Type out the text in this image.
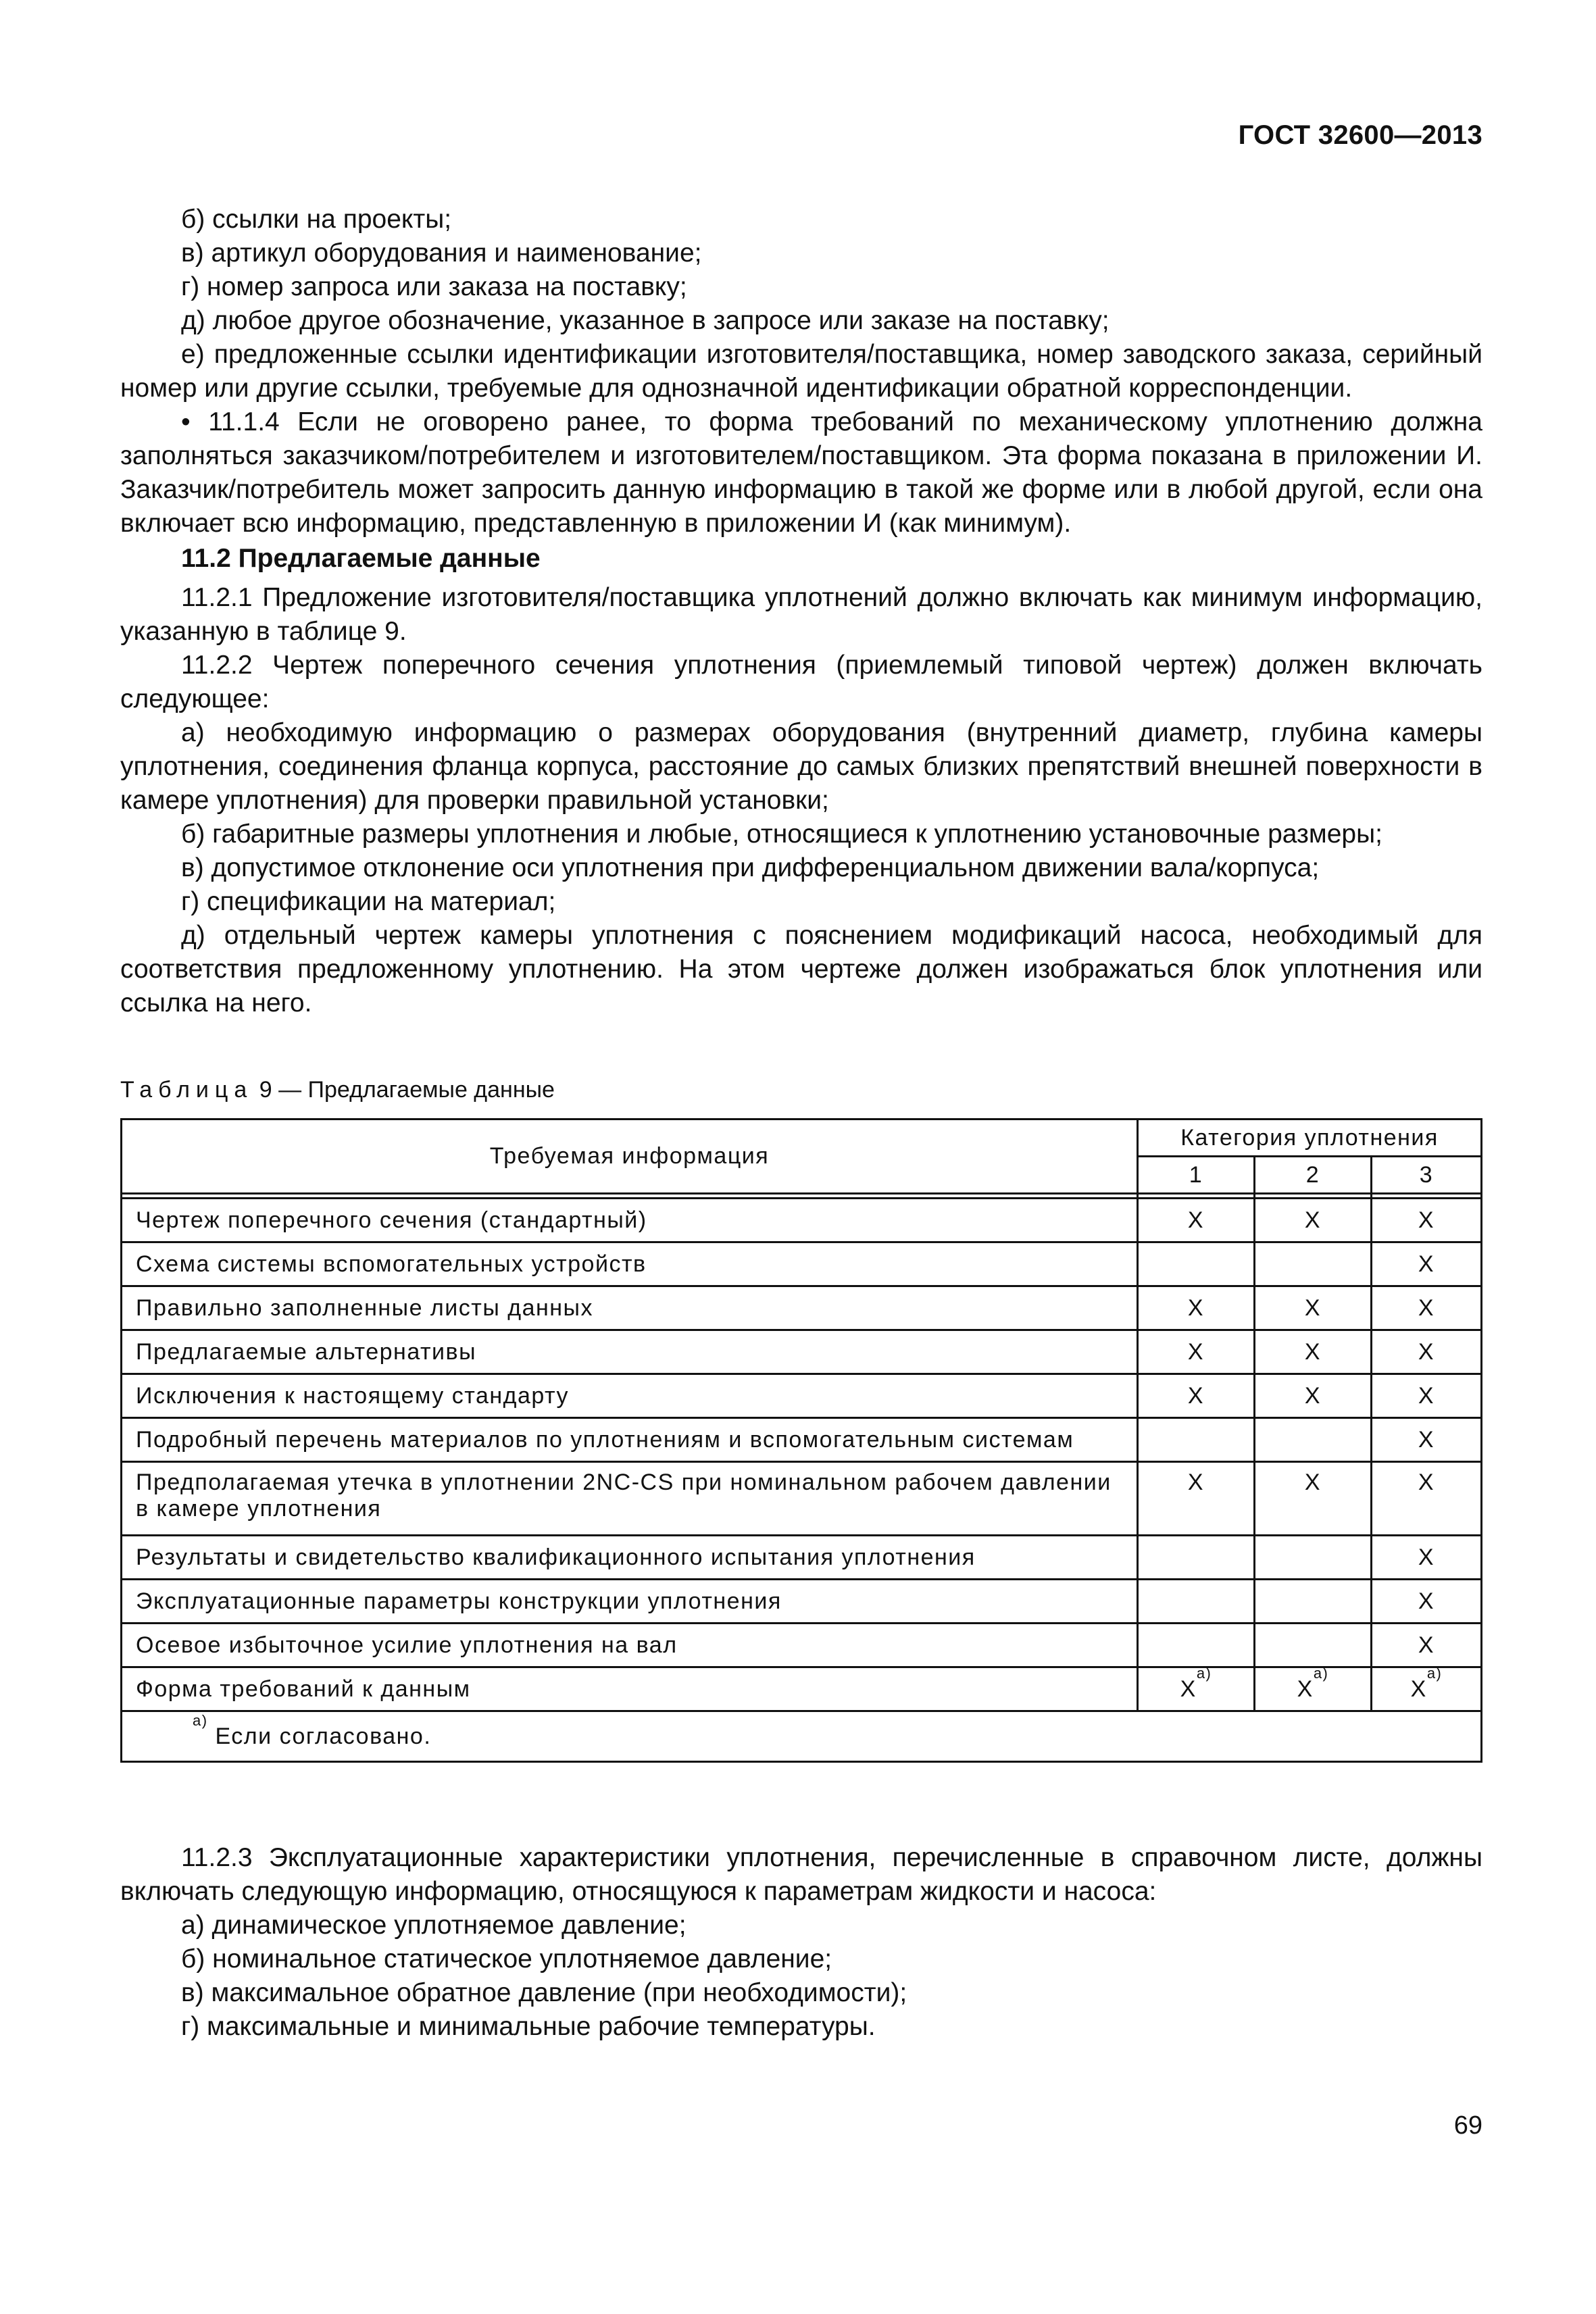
ГОСТ 32600—2013

б) ссылки на проекты;

в) артикул оборудования и наименование;

г) номер запроса или заказа на поставку;

д) любое другое обозначение, указанное в запросе или заказе на поставку;

е) предложенные ссылки идентификации изготовителя/поставщика, номер заводского заказа, серийный номер или другие ссылки, требуемые для однозначной идентификации обратной корреспонденции.

• 11.1.4 Если не оговорено ранее, то форма требований по механическому уплотнению должна заполняться заказчиком/потребителем и изготовителем/поставщиком. Эта форма показана в приложении И. Заказчик/потребитель может запросить данную информацию в такой же форме или в любой другой, если она включает всю информацию, представленную в приложении И (как минимум).

11.2 Предлагаемые данные

11.2.1 Предложение изготовителя/поставщика уплотнений должно включать как минимум информацию, указанную в таблице 9.

11.2.2 Чертеж поперечного сечения уплотнения (приемлемый типовой чертеж) должен включать следующее:

а) необходимую информацию о размерах оборудования (внутренний диаметр, глубина камеры уплотнения, соединения фланца корпуса, расстояние до самых близких препятствий внешней поверхности в камере уплотнения) для проверки правильной установки;

б) габаритные размеры уплотнения и любые, относящиеся к уплотнению установочные размеры;

в) допустимое отклонение оси уплотнения при дифференциальном движении вала/корпуса;

г) спецификации на материал;

д) отдельный чертеж камеры уплотнения с пояснением модификаций насоса, необходимый для соответствия предложенному уплотнению. На этом чертеже должен изображаться блок уплотнения или ссылка на него.

Таблица 9 — Предлагаемые данные
Требуемая информация	Категория уплотнения		
	1	2	3

Чертеж поперечного сечения (стандартный)	X	X	X
Схема системы вспомогательных устройств			X
Правильно заполненные листы данных	X	X	X
Предлагаемые альтернативы	X	X	X
Исключения к настоящему стандарту	X	X	X
Подробный перечень материалов по уплотнениям и вспомогательным системам			X
Предполагаемая утечка в уплотнении 2NC-CS при номинальном рабочем давлении в камере уплотнения	X	X	X
Результаты и свидетельство квалификационного испытания уплотнения			X
Эксплуатационные параметры конструкции уплотнения			X
Осевое избыточное усилие уплотнения на вал			X
Форма требований к данным	$X^{а)}$	$X^{а)}$	$X^{а)}$
$^{а)}$ Если согласовано.			

11.2.3 Эксплуатационные характеристики уплотнения, перечисленные в справочном листе, должны включать следующую информацию, относящуюся к параметрам жидкости и насоса:

а) динамическое уплотняемое давление;

б) номинальное статическое уплотняемое давление;

в) максимальное обратное давление (при необходимости);

г) максимальные и минимальные рабочие температуры.

69
